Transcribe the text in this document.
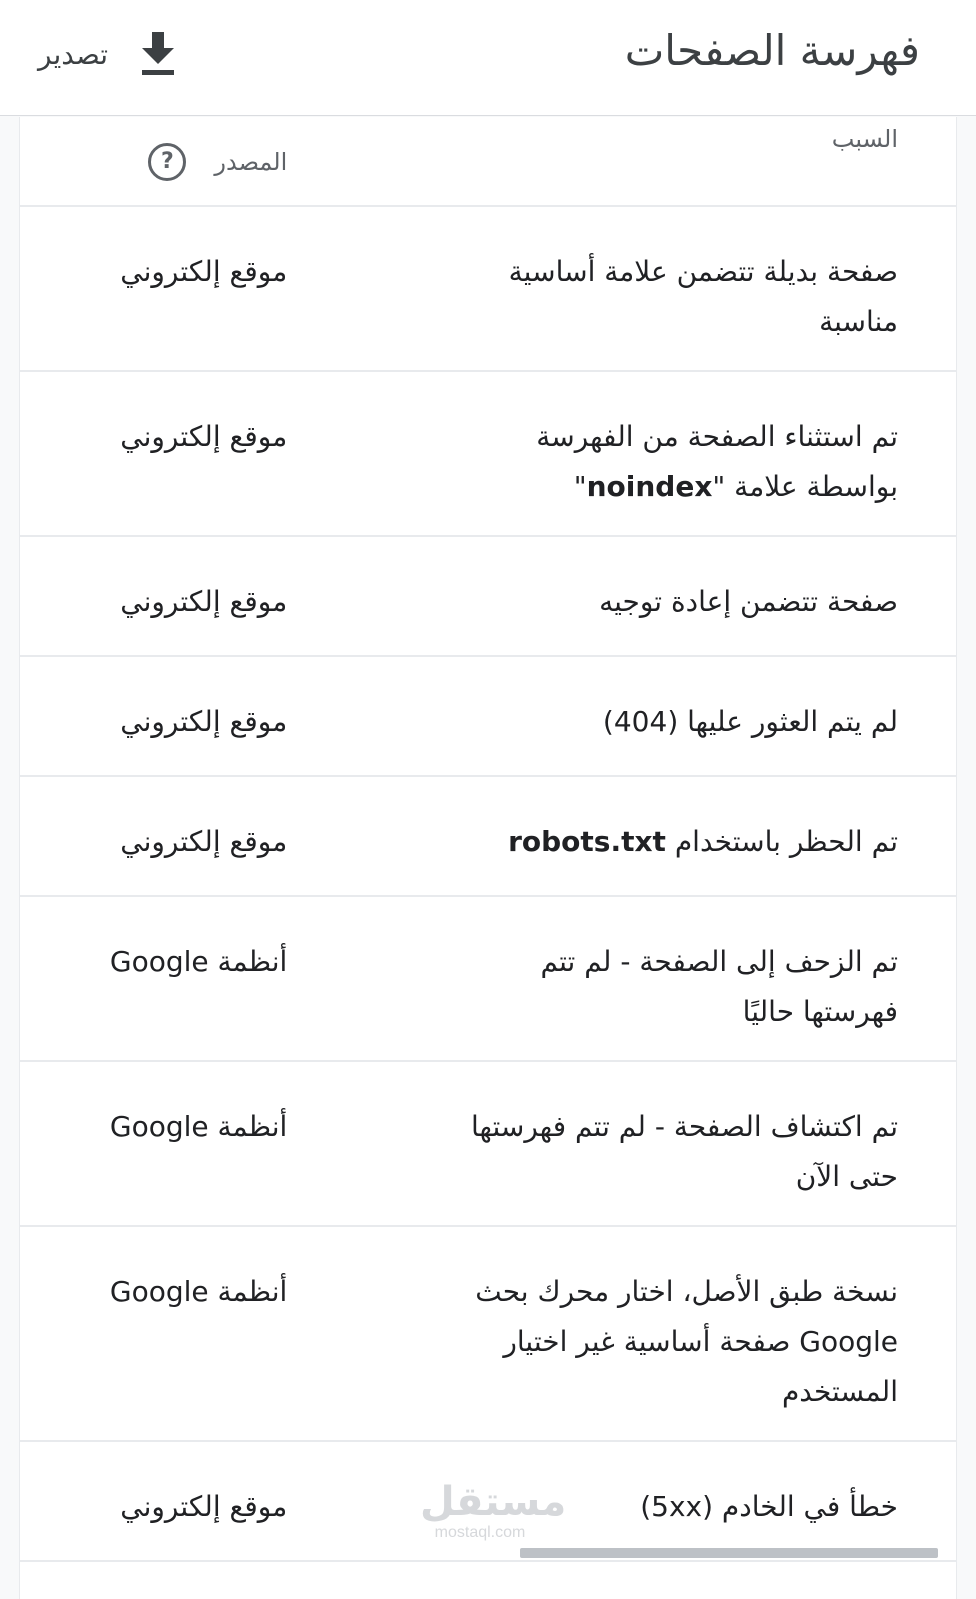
فهرسة الصفحات
تصدير
السبب
المصدر
?
صفحة بديلة تتضمن علامة أساسية مناسبة
موقع إلكتروني
تم استثناء الصفحة من الفهرسة بواسطة علامة "noindex"
موقع إلكتروني
صفحة تتضمن إعادة توجيه
موقع إلكتروني
لم يتم العثور عليها (404)
موقع إلكتروني
تم الحظر باستخدام robots.txt
موقع إلكتروني
تم الزحف إلى الصفحة - لم تتم فهرستها حاليًا
أنظمة Google
تم اكتشاف الصفحة - لم تتم فهرستها حتى الآن
أنظمة Google
نسخة طبق الأصل، اختار محرك بحث Google صفحة أساسية غير اختيار المستخدم
أنظمة Google
خطأ في الخادم (5xx)
موقع إلكتروني	مستقل
mostaql.com
